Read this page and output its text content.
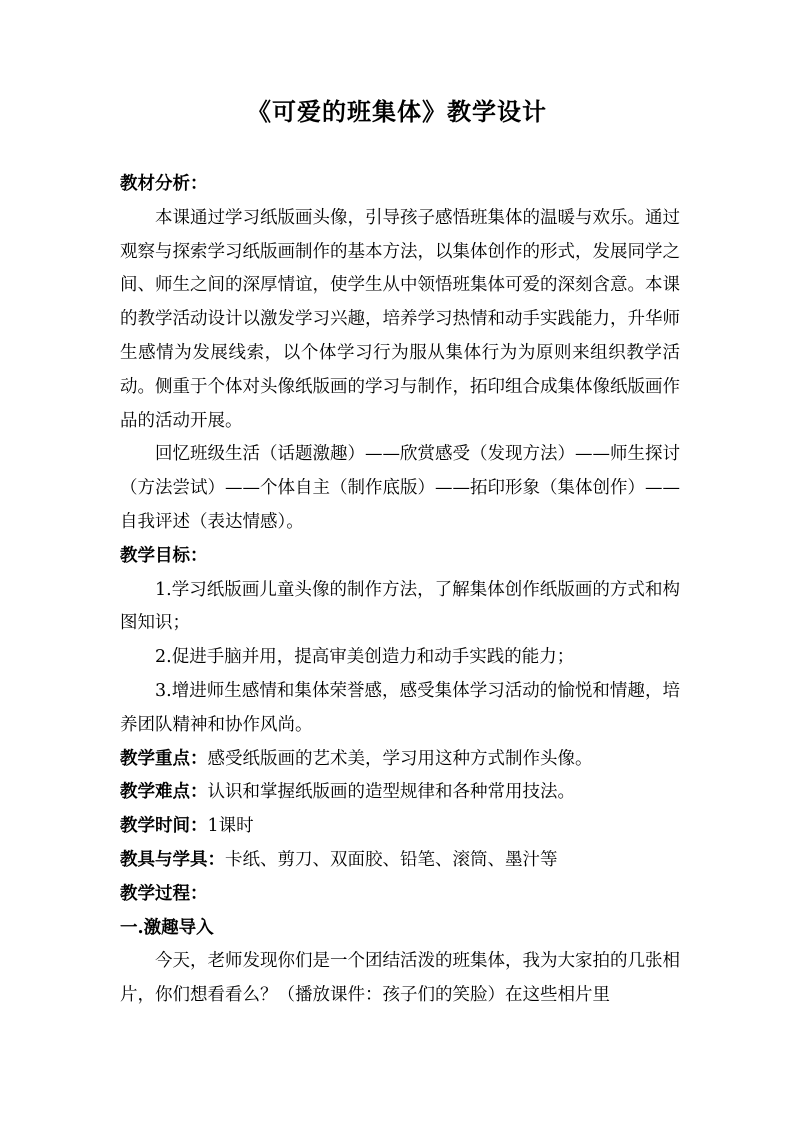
《可爱的班集体》教学设计

教材分析：

本课通过学习纸版画头像，引导孩子感悟班集体的温暖与欢乐。通过观察与探索学习纸版画制作的基本方法，以集体创作的形式，发展同学之间、师生之间的深厚情谊，使学生从中领悟班集体可爱的深刻含意。本课的教学活动设计以激发学习兴趣，培养学习热情和动手实践能力，升华师生感情为发展线索，以个体学习行为服从集体行为为原则来组织教学活动。侧重于个体对头像纸版画的学习与制作，拓印组合成集体像纸版画作品的活动开展。

回忆班级生活（话题激趣）——欣赏感受（发现方法）——师生探讨（方法尝试）——个体自主（制作底版）——拓印形象（集体创作）——自我评述（表达情感）。

教学目标：

1.学习纸版画儿童头像的制作方法，了解集体创作纸版画的方式和构图知识；

2.促进手脑并用，提高审美创造力和动手实践的能力；

3.增进师生感情和集体荣誉感，感受集体学习活动的愉悦和情趣，培养团队精神和协作风尚。

教学重点：感受纸版画的艺术美，学习用这种方式制作头像。

教学难点：认识和掌握纸版画的造型规律和各种常用技法。

教学时间：1课时

教具与学具：卡纸、剪刀、双面胶、铅笔、滚筒、墨汁等

教学过程：

一.激趣导入

今天，老师发现你们是一个团结活泼的班集体，我为大家拍的几张相片，你们想看看么？（播放课件：孩子们的笑脸）在这些相片里
